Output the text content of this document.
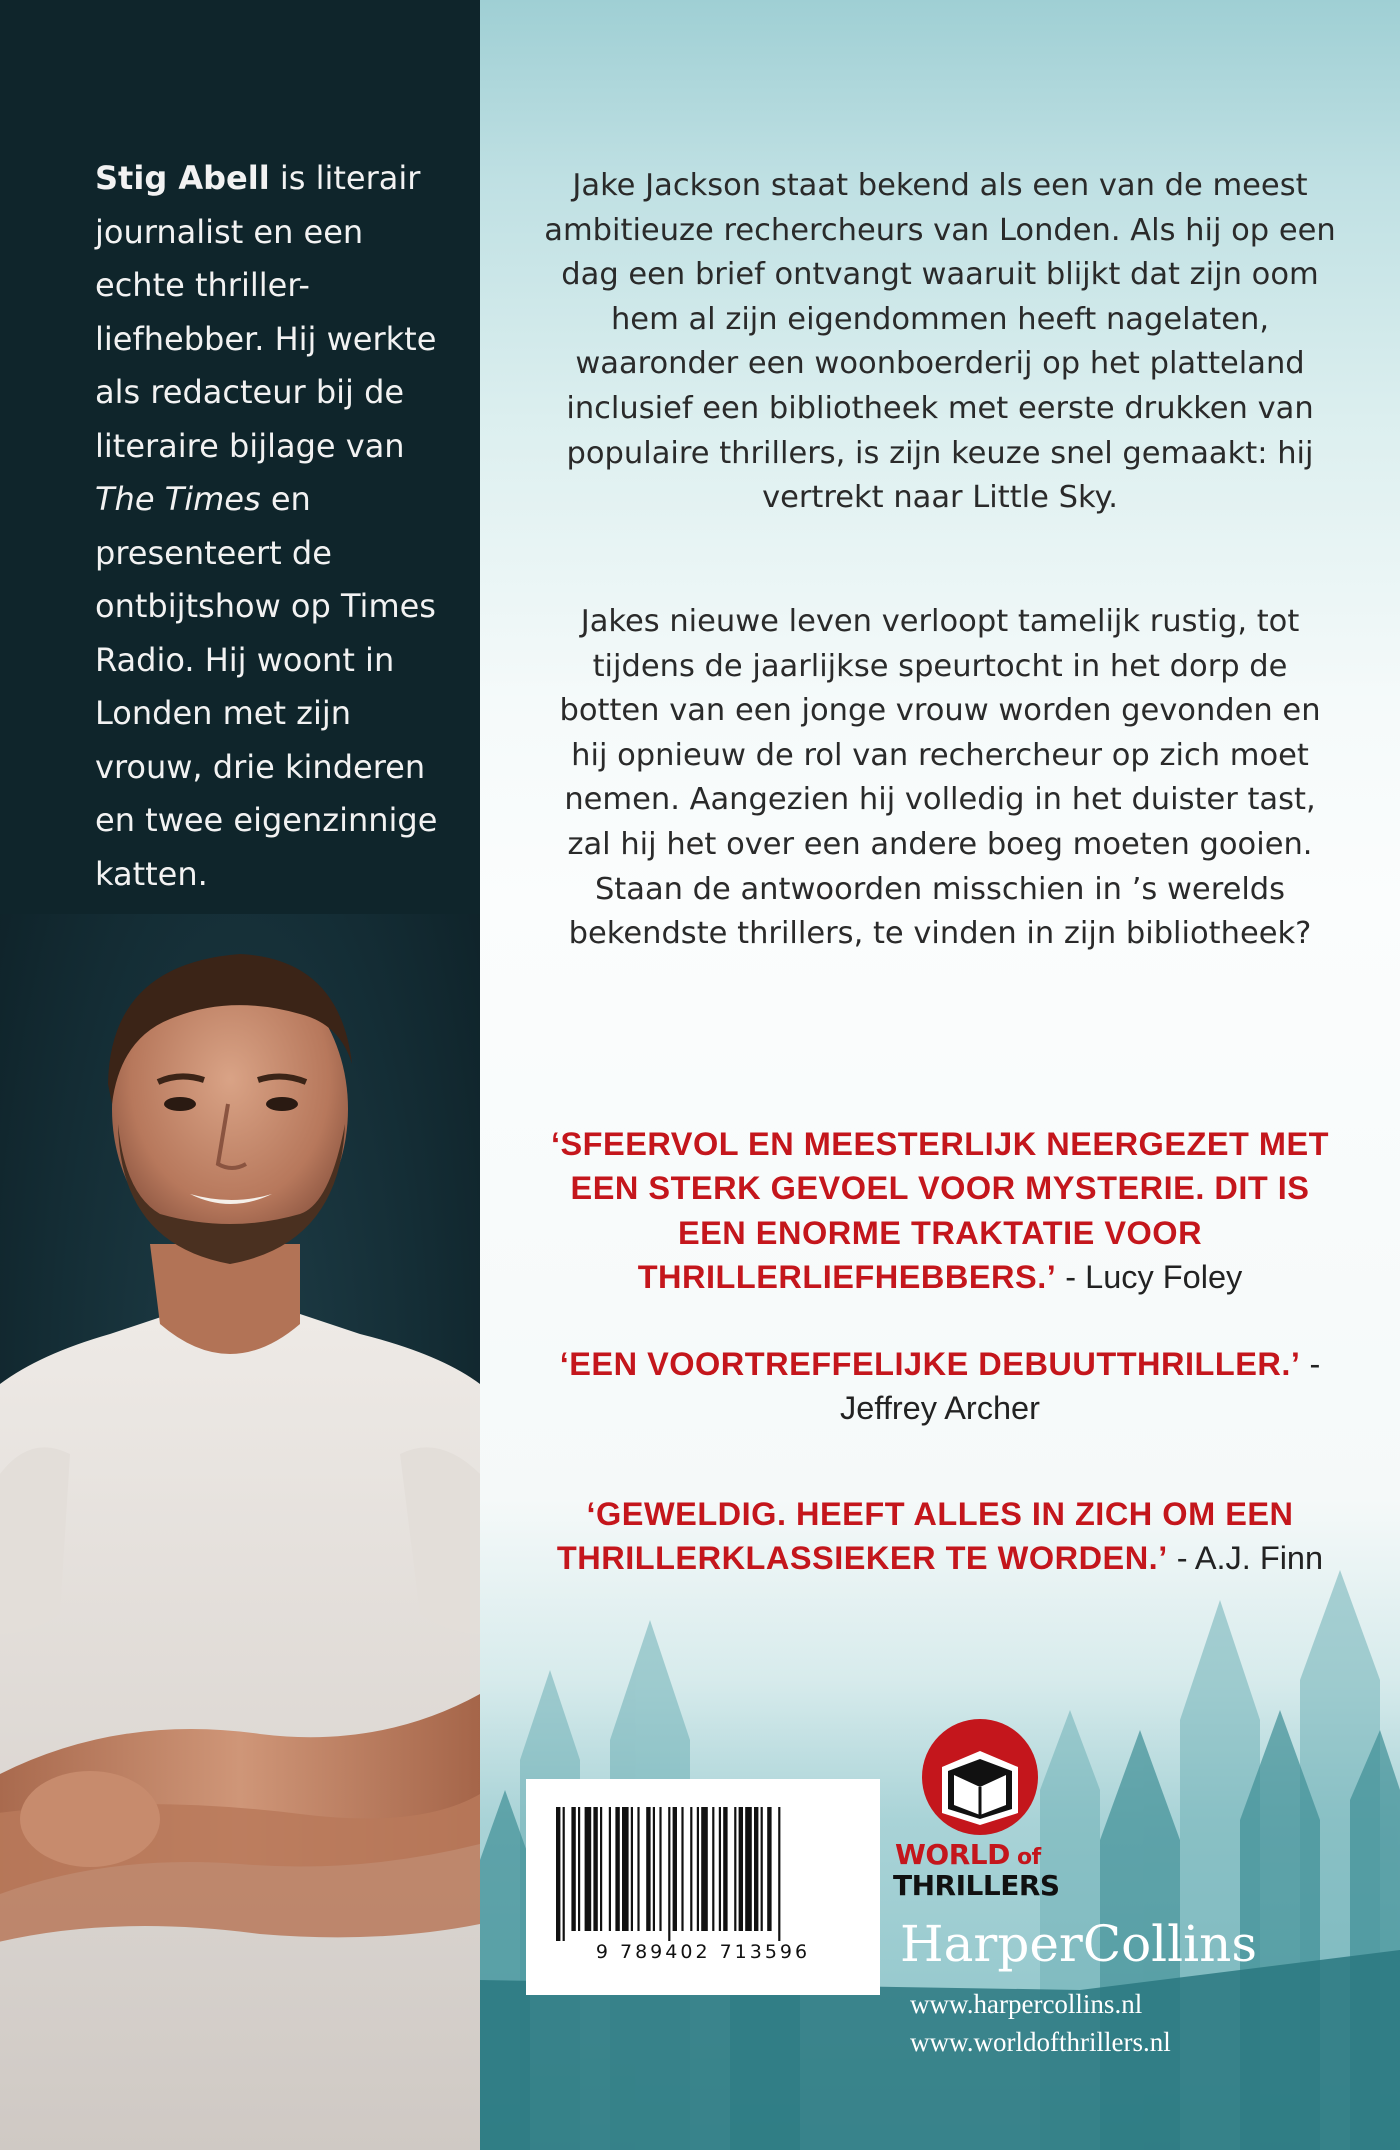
Stig Abell is literair journalist en een echte thriller-liefhebber. Hij werkte als redacteur bij de literaire bijlage van The Times en presenteert de ontbijtshow op Times Radio. Hij woont in Londen met zijn vrouw, drie kinderen en twee eigenzinnige katten.
Jake Jackson staat bekend als een van de meest ambitieuze rechercheurs van Londen. Als hij op een dag een brief ontvangt waaruit blijkt dat zijn oom hem al zijn eigendommen heeft nagelaten, waaronder een woonboerderij op het platteland inclusief een bibliotheek met eerste drukken van populaire thrillers, is zijn keuze snel gemaakt: hij vertrekt naar Little Sky.
Jakes nieuwe leven verloopt tamelijk rustig, tot tijdens de jaarlijkse speurtocht in het dorp de botten van een jonge vrouw worden gevonden en hij opnieuw de rol van rechercheur op zich moet nemen. Aangezien hij volledig in het duister tast, zal hij het over een andere boeg moeten gooien. Staan de antwoorden misschien in ’s werelds bekendste thrillers, te vinden in zijn bibliotheek?
‘SFEERVOL EN MEESTERLIJK NEERGEZET MET EEN STERK GEVOEL VOOR MYSTERIE. DIT IS EEN ENORME TRAKTATIE VOOR THRILLERLIEFHEBBERS.’ - Lucy Foley
‘EEN VOORTREFFELIJKE DEBUUTTHRILLER.’ - Jeffrey Archer
‘GEWELDIG. HEEFT ALLES IN ZICH OM EEN THRILLERKLASSIEKER TE WORDEN.’ - A.J. Finn
9 789402 713596
WORLD of
THRILLERS
HarperCollins
www.harpercollins.nl
www.worldofthrillers.nl
